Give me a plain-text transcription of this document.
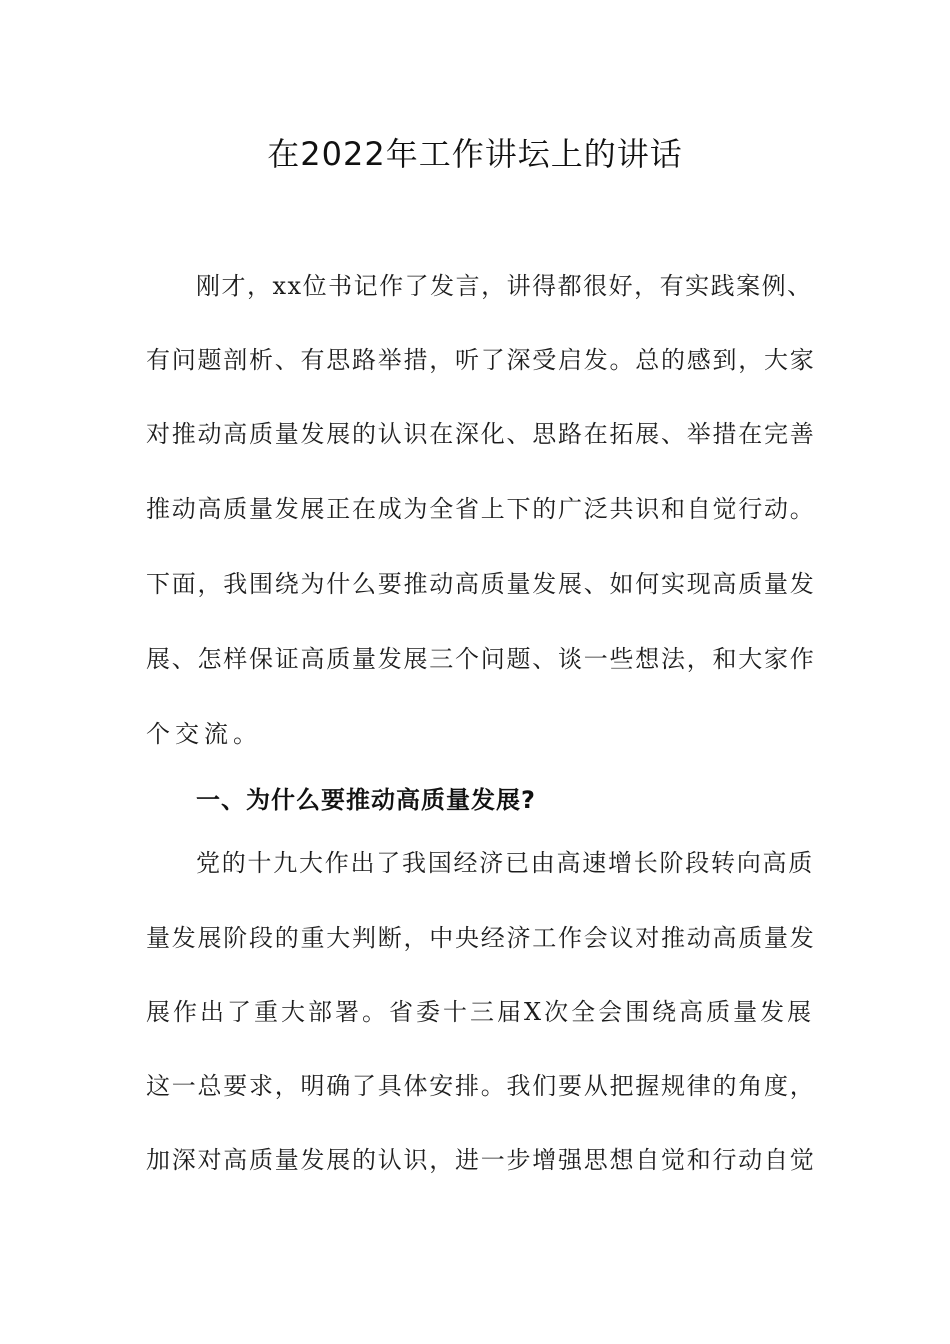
在2022年工作讲坛上的讲话
刚才，xx位书记作了发言，讲得都很好，有实践案例、
有问题剖析、有思路举措，听了深受启发。总的感到，大家
对推动高质量发展的认识在深化、思路在拓展、举措在完善
推动高质量发展正在成为全省上下的广泛共识和自觉行动。
下面，我围绕为什么要推动高质量发展、如何实现高质量发
展、怎样保证高质量发展三个问题、谈一些想法，和大家作
个交流。
一、为什么要推动高质量发展?
党的十九大作出了我国经济已由高速增长阶段转向高质
量发展阶段的重大判断，中央经济工作会议对推动高质量发
展作出了重大部署。省委十三届X次全会围绕高质量发展
这一总要求，明确了具体安排。我们要从把握规律的角度，
加深对高质量发展的认识，进一步增强思想自觉和行动自觉
